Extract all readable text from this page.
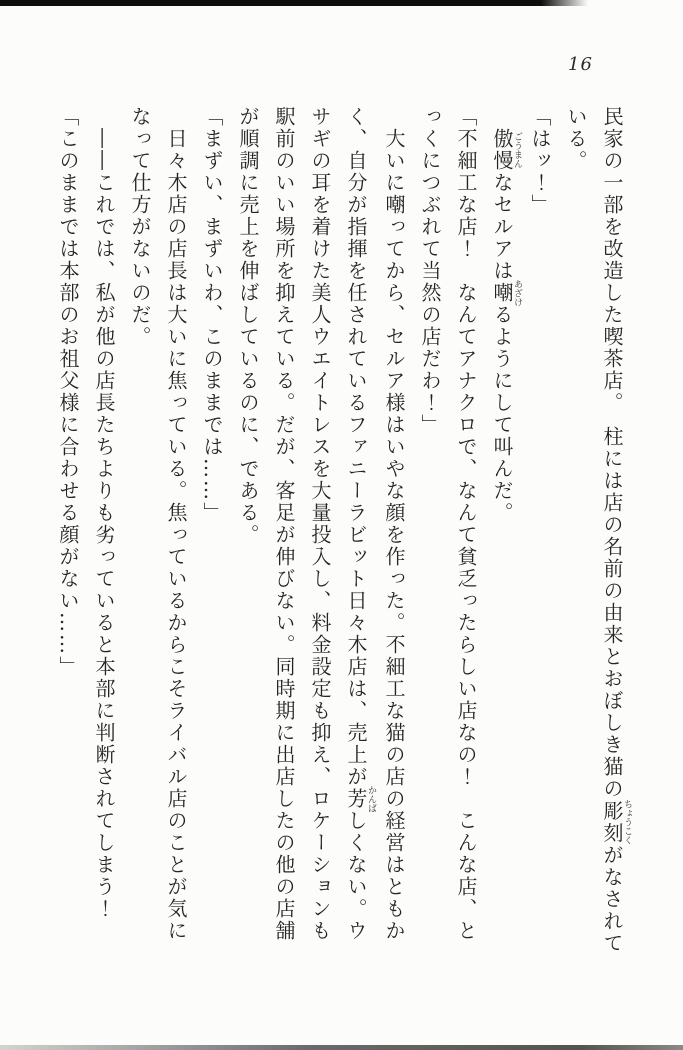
16

民家の一部を改造した喫茶店。　柱には店の名前の由来とおぼしき猫の彫刻ちょうこくがなされて

いる。

「はッ！」

傲慢ごうまんなセルアは嘲あざけるようにして叫んだ。

「不細工な店！　なんてアナクロで、なんて貧乏ったらしい店なの！　こんな店、と

っくにつぶれて当然の店だわ！」

大いに嘲ってから、セルア様はいやな顔を作った。不細工な猫の店の経営はともか

く、自分が指揮を任されているファニーラビット日々木店は、売上が芳かんばしくない。ウ

サギの耳を着けた美人ウエイトレスを大量投入し、料金設定も抑え、ロケーションも

駅前のいい場所を抑えている。だが、客足が伸びない。同時期に出店したの他の店舗

が順調に売上を伸ばしているのに、である。

「まずい、まずいわ、このままでは……」

日々木店の店長は大いに焦っている。焦っているからこそライバル店のことが気に

なって仕方がないのだ。

――これでは、私が他の店長たちよりも劣っていると本部に判断されてしまう！

「このままでは本部のお祖父様に合わせる顔がない……」
